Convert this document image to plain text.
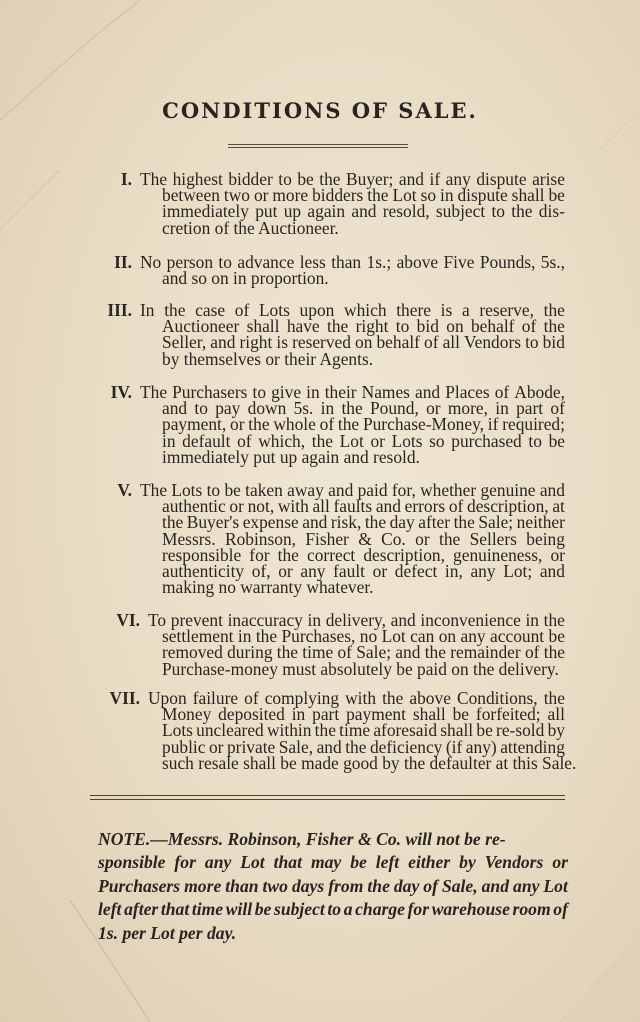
CONDITIONS OF SALE.
I. The highest bidder to be the Buyer; and if any dispute arise
between two or more bidders the Lot so in dispute shall be
immediately put up again and resold, subject to the dis-
cretion of the Auctioneer.
II. No person to advance less than 1s.; above Five Pounds, 5s.,
and so on in proportion.
III. In the case of Lots upon which there is a reserve, the
Auctioneer shall have the right to bid on behalf of the
Seller, and right is reserved on behalf of all Vendors to bid
by themselves or their Agents.
IV. The Purchasers to give in their Names and Places of Abode,
and to pay down 5s. in the Pound, or more, in part of
payment, or the whole of the Purchase-Money, if required;
in default of which, the Lot or Lots so purchased to be
immediately put up again and resold.
V. The Lots to be taken away and paid for, whether genuine and
authentic or not, with all faults and errors of description, at
the Buyer's expense and risk, the day after the Sale; neither
Messrs. Robinson, Fisher & Co. or the Sellers being
responsible for the correct description, genuineness, or
authenticity of, or any fault or defect in, any Lot; and
making no warranty whatever.
VI. To prevent inaccuracy in delivery, and inconvenience in the
settlement in the Purchases, no Lot can on any account be
removed during the time of Sale; and the remainder of the
Purchase-money must absolutely be paid on the delivery.
VII. Upon failure of complying with the above Conditions, the
Money deposited in part payment shall be forfeited; all
Lots uncleared within the time aforesaid shall be re-sold by
public or private Sale, and the deficiency (if any) attending
such resale shall be made good by the defaulter at this Sale.
NOTE.—Messrs. Robinson, Fisher & Co. will not be re-
sponsible for any Lot that may be left either by Vendors or
Purchasers more than two days from the day of Sale, and any Lot
left after that time will be subject to a charge for warehouse room of
1s. per Lot per day.
